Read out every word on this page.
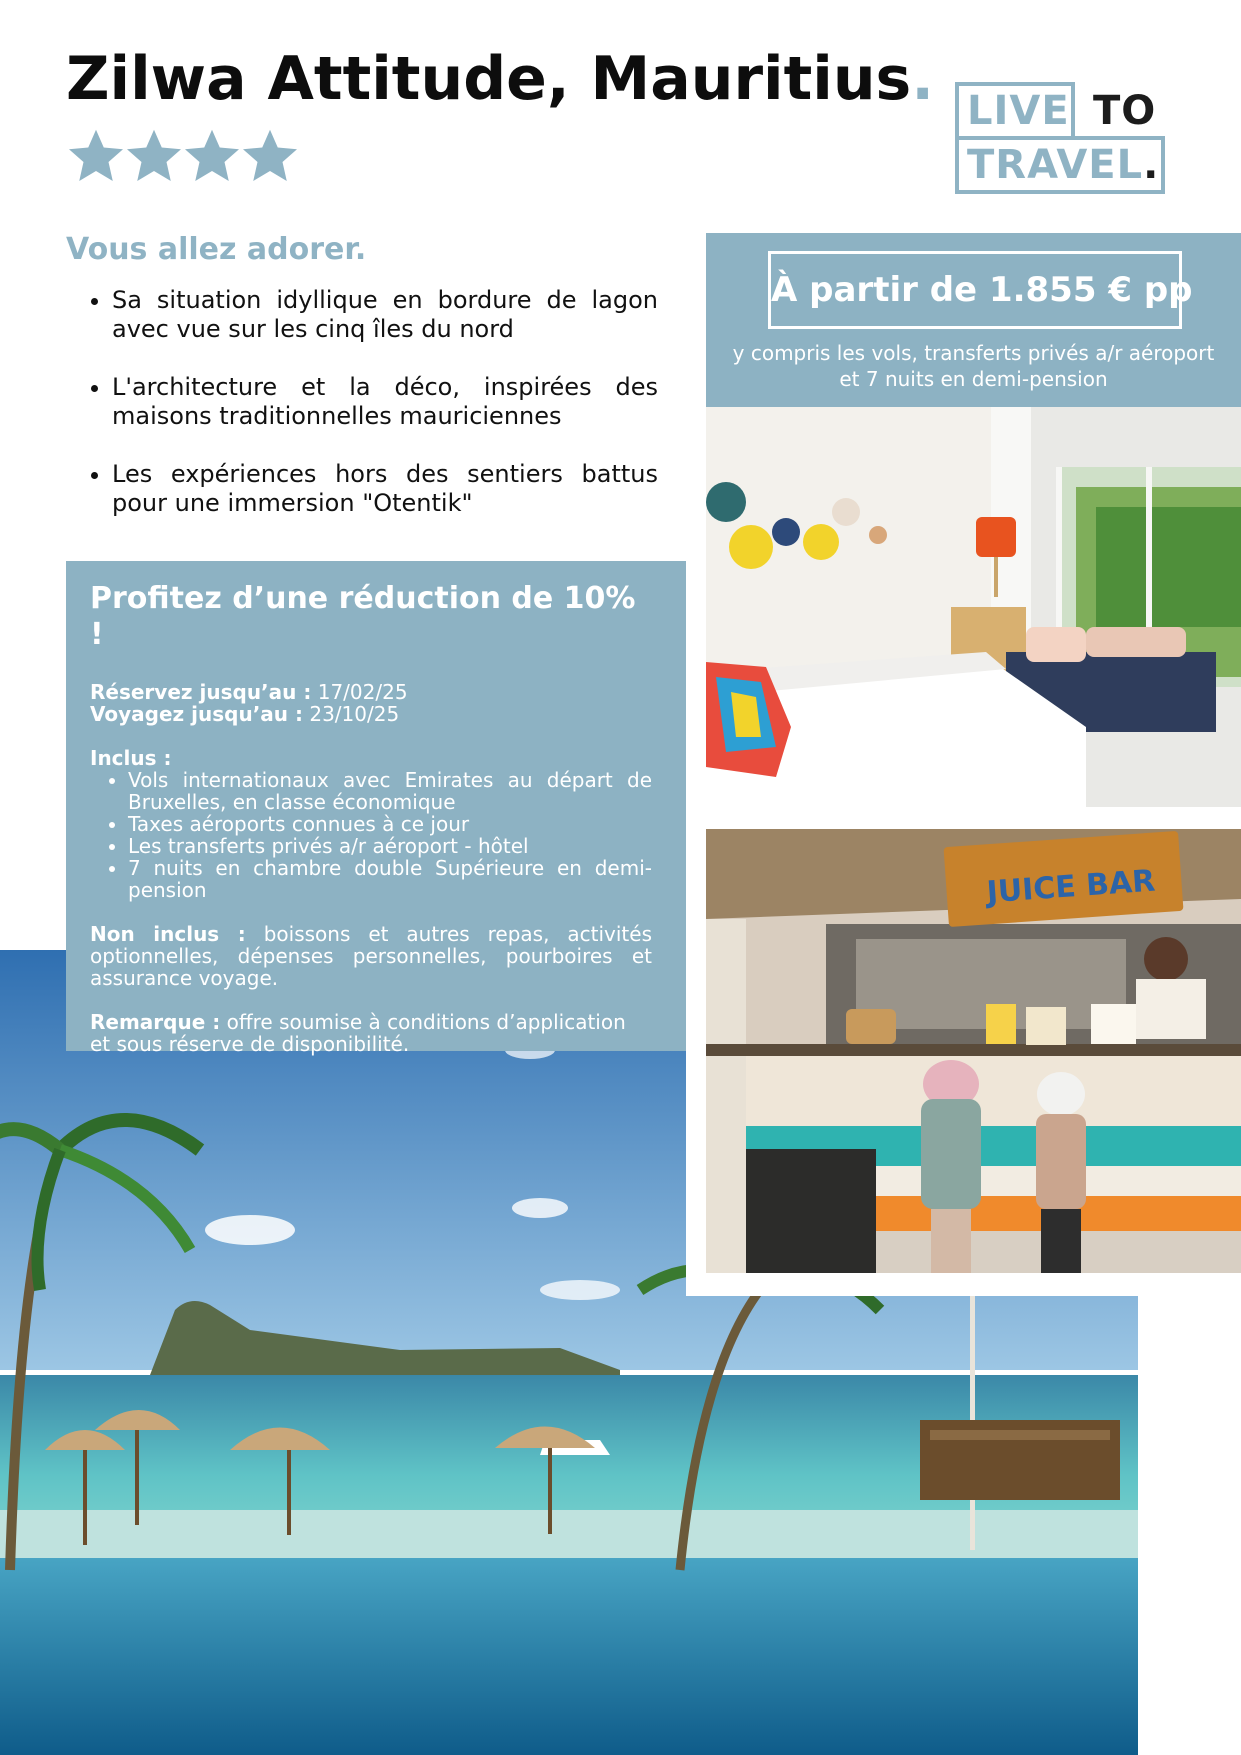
Zilwa Attitude, Mauritius. LIVE TO
TRAVEL.
Vous allez adorer.
• Sa situation idyllique en bordure de lagon avec vue sur les cinq îles du nord
• L'architecture et la déco, inspirées des maisons traditionnelles mauriciennes
• Les expériences hors des sentiers battus pour une immersion "Otentik"
À partir de 1.855 € pp
y compris les vols, transferts privés a/r aéroport et 7 nuits en demi-pension
JUICE BAR
Profitez d’une réduction de 10% !

Réservez jusqu’au : 17/02/25

Voyagez jusqu’au : 23/10/25

Inclus :

• Vols internationaux avec Emirates au départ de Bruxelles, en classe économique
• Taxes aéroports connues à ce jour
• Les transferts privés a/r aéroport - hôtel
• 7 nuits en chambre double Supérieure en demi-pension

Non inclus : boissons et autres repas, activités optionnelles, dépenses personnelles, pourboires et assurance voyage.

Remarque : offre soumise à conditions d’application et sous réserve de disponibilité.
